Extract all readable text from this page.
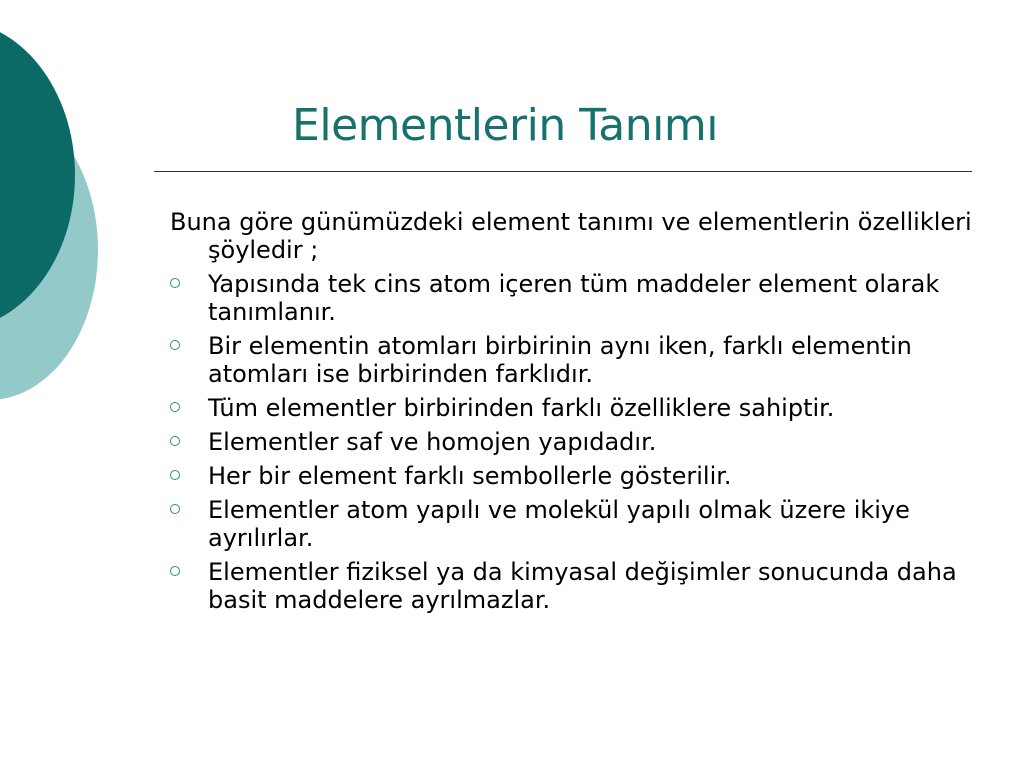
Elementlerin Tanımı

Buna göre günümüzdeki element tanımı ve elementlerin özellikleri şöyledir ;

Yapısında tek cins atom içeren tüm maddeler element olarak tanımlanır.
Bir elementin atomları birbirinin aynı iken, farklı elementin atomları ise birbirinden farklıdır.
Tüm elementler birbirinden farklı özelliklere sahiptir.
Elementler saf ve homojen yapıdadır.
Her bir element farklı sembollerle gösterilir.
Elementler atom yapılı ve molekül yapılı olmak üzere ikiye ayrılırlar.
Elementler fiziksel ya da kimyasal değişimler sonucunda daha basit maddelere ayrılmazlar.
